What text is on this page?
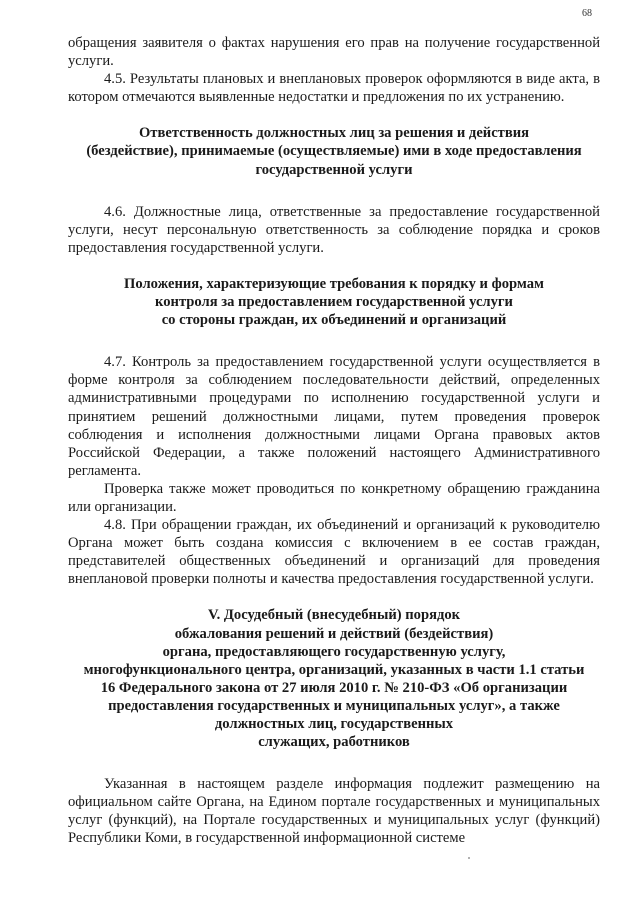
68

обращения заявителя о фактах нарушения его прав на получение государственной услуги.

4.5. Результаты плановых и внеплановых проверок оформляются в виде акта, в котором отмечаются выявленные недостатки и предложения по их устранению.

Ответственность должностных лиц за решения и действия
(бездействие), принимаемые (осуществляемые) ими в ходе предоставления
государственной услуги

4.6. Должностные лица, ответственные за предоставление государственной услуги, несут персональную ответственность за соблюдение порядка и сроков предоставления государственной услуги.

Положения, характеризующие требования к порядку и формам
контроля за предоставлением государственной услуги
со стороны граждан, их объединений и организаций

4.7. Контроль за предоставлением государственной услуги осуществляется в форме контроля за соблюдением последовательности действий, определенных административными процедурами по исполнению государственной услуги и принятием решений должностными лицами, путем проведения проверок соблюдения и исполнения должностными лицами Органа правовых актов Российской Федерации, а также положений настоящего Административного регламента.

Проверка также может проводиться по конкретному обращению гражданина или организации.

4.8. При обращении граждан, их объединений и организаций к руководителю Органа может быть создана комиссия с включением в ее состав граждан, представителей общественных объединений и организаций для проведения внеплановой проверки полноты и качества предоставления государственной услуги.

V. Досудебный (внесудебный) порядок
обжалования решений и действий (бездействия)
органа, предоставляющего государственную услугу,
многофункционального центра, организаций, указанных в части 1.1 статьи
16 Федерального закона от 27 июля 2010 г. № 210-ФЗ «Об организации
предоставления государственных и муниципальных услуг», а также
должностных лиц, государственных
служащих, работников

Указанная в настоящем разделе информация подлежит размещению на официальном сайте Органа, на Едином портале государственных и муниципальных услуг (функций), на Портале государственных и муниципальных услуг (функций) Республики Коми, в государственной информационной системе
